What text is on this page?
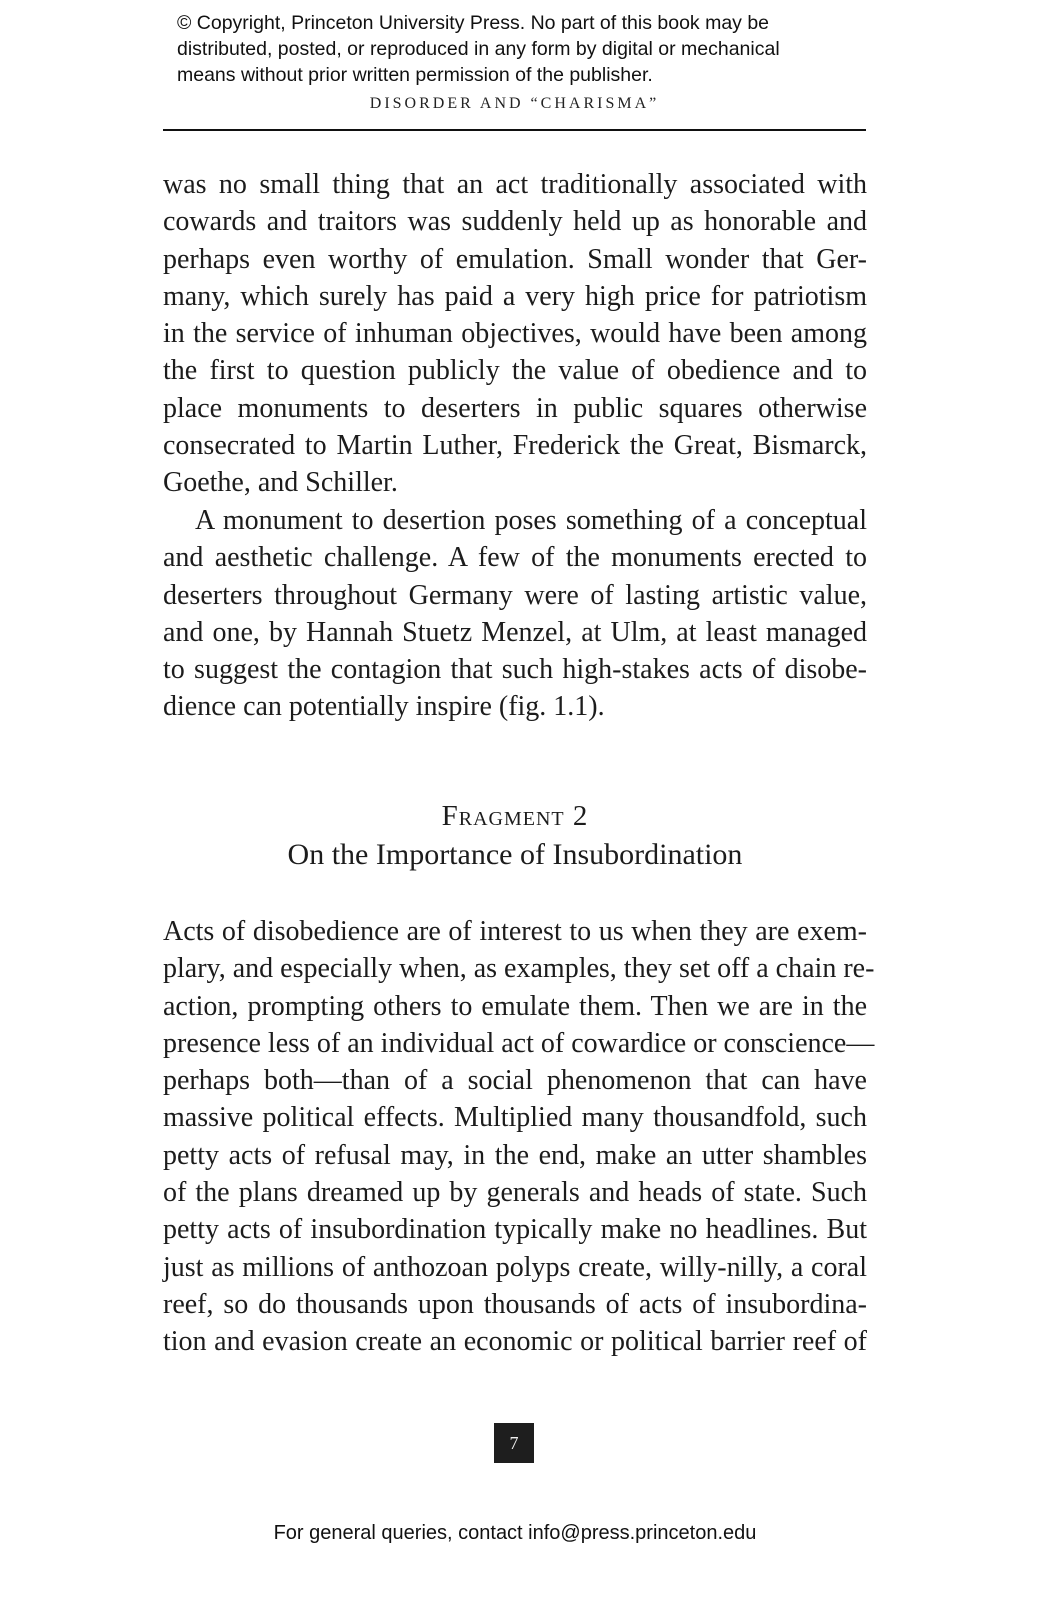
© Copyright, Princeton University Press. No part of this book may be
distributed, posted, or reproduced in any form by digital or mechanical
means without prior written permission of the publisher.
DISORDER AND “CHARISMA”
was no small thing that an act traditionally associated with
cowards and traitors was suddenly held up as honorable and
perhaps even worthy of emulation. Small wonder that Ger-
many, which surely has paid a very high price for patriotism
in the service of inhuman objectives, would have been among
the first to question publicly the value of obedience and to
place monuments to deserters in public squares otherwise
consecrated to Martin Luther, Frederick the Great, Bismarck,
Goethe, and Schiller.
A monument to desertion poses something of a conceptual
and aesthetic challenge. A few of the monuments erected to
deserters throughout Germany were of lasting artistic value,
and one, by Hannah Stuetz Menzel, at Ulm, at least managed
to suggest the contagion that such high-stakes acts of disobe-
dience can potentially inspire (fig. 1.1).
Fragment 2
On the Importance of Insubordination
Acts of disobedience are of interest to us when they are exem-
plary, and especially when, as examples, they set off a chain re-
action, prompting others to emulate them. Then we are in the
presence less of an individual act of cowardice or conscience—
perhaps both—than of a social phenomenon that can have
massive political effects. Multiplied many thousandfold, such
petty acts of refusal may, in the end, make an utter shambles
of the plans dreamed up by generals and heads of state. Such
petty acts of insubordination typically make no headlines. But
just as millions of anthozoan polyps create, willy-nilly, a coral
reef, so do thousands upon thousands of acts of insubordina-
tion and evasion create an economic or political barrier reef of
7
For general queries, contact info@press.princeton.edu
